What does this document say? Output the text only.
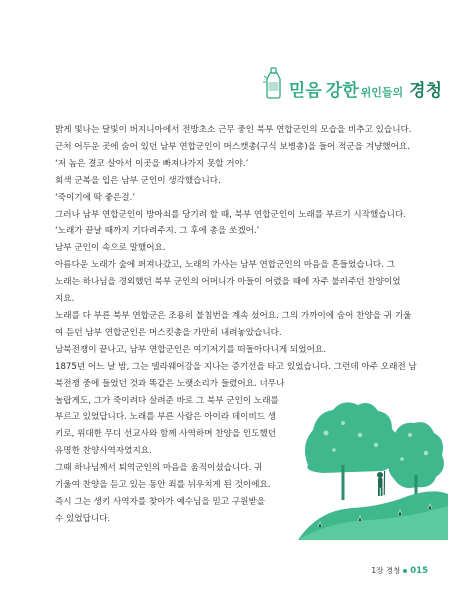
믿음 강한 위인들의 경청

밝게 빛나는 달빛이 버지니아에서 전방초소 근무 중인 북부 연합군인의 모습을 비추고 있습니다.

근처 어두운 곳에 숨어 있던 남부 연합군인이 머스캣총(구식 보병총)을 들어 적군을 겨냥했어요.

‘저 놈은 결코 살아서 이곳을 빠져나가지 못할 거야.’

회색 군복을 입은 남부 군인이 생각했습니다.

‘죽이기에 딱 좋은걸.’

그러나 남부 연합군인이 방아쇠를 당기려 할 때, 북부 연합군인이 노래를 부르기 시작했습니다.

‘노래가 끝날 때까지 기다려주지. 그 후에 총을 쏘겠어.’

남부 군인이 속으로 말했어요.

아름다운 노래가 숲에 퍼져나갔고, 노래의 가사는 남부 연합군인의 마음을 흔들었습니다. 그

노래는 하나님을 경외했던 북부 군인의 어머니가 아들이 어렸을 때에 자주 불러주던 찬양이었

지요.

노래를 다 부른 북부 연합군은 조용히 불침번을 계속 섰어요. 그의 가까이에 숨어 찬양을 귀 기울

여 듣던 남부 연합군인은 머스킷총을 가만히 내려놓았습니다.

남북전쟁이 끝나고, 남부 연합군인은 여기저기를 떠돌아다니게 되었어요.

1875년 어느 날 밤, 그는 델라웨어강을 지나는 증기선을 타고 있었습니다. 그런데 아주 오래전 남

북전쟁 중에 들었던 것과 똑같은 노랫소리가 들렸어요. 너무나

놀랍게도, 그가 죽이려다 살려준 바로 그 북부 군인이 노래를

부르고 있었답니다. 노래를 부른 사람은 아이라 데이비드 생

키로, 위대한 무디 선교사와 함께 사역하며 찬양을 인도했던

유명한 찬양사역자였지요.

그때 하나님께서 퇴역군인의 마음을 움직이셨습니다. 귀

기울여 찬양을 듣고 있는 동안 죄를 뉘우치게 된 것이에요.

즉시 그는 생키 사역자를 찾아가 예수님을 믿고 구원받을

수 있었답니다.

1장 경청 015
